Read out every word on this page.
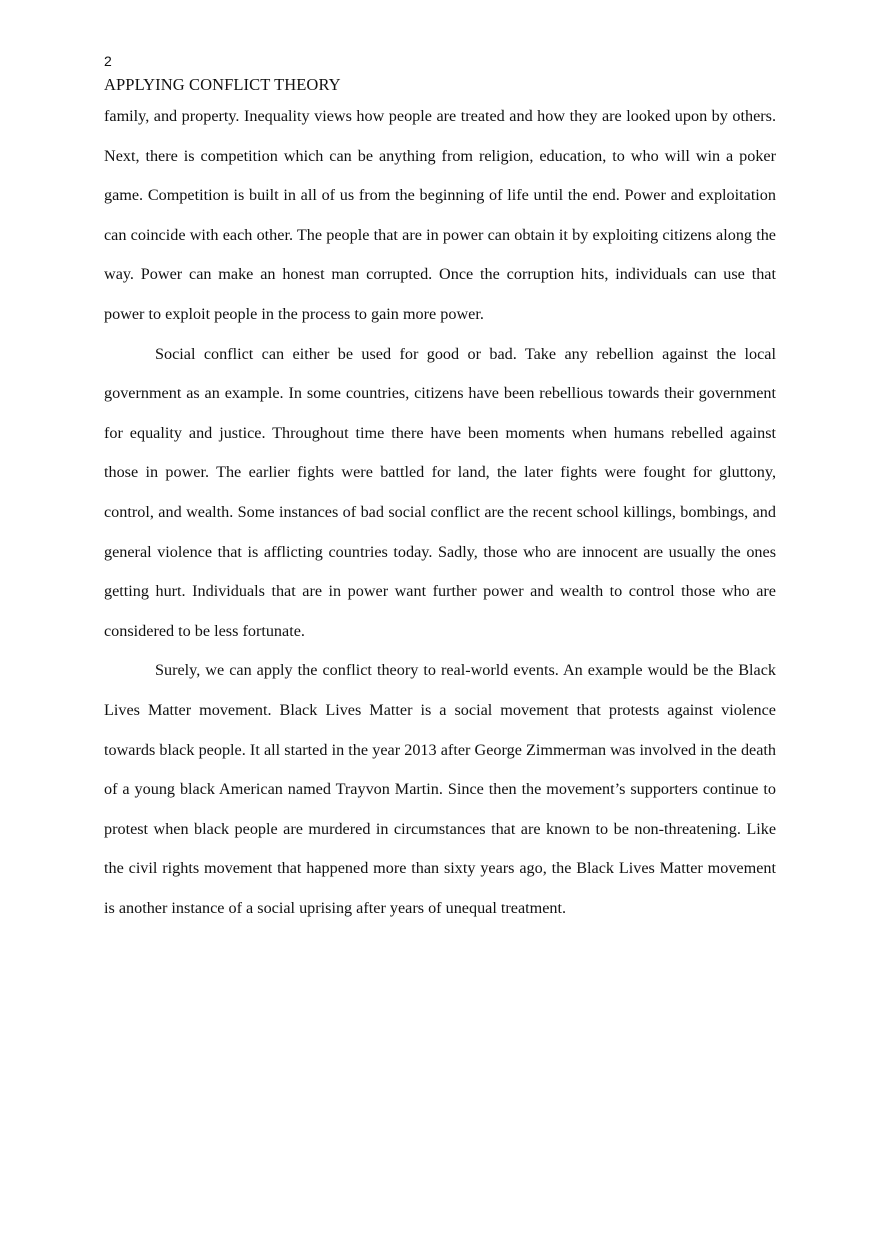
2
APPLYING CONFLICT THEORY

family, and property. Inequality views how people are treated and how they are looked upon by others. Next, there is competition which can be anything from religion, education, to who will win a poker game. Competition is built in all of us from the beginning of life until the end. Power and exploitation can coincide with each other. The people that are in power can obtain it by exploiting citizens along the way. Power can make an honest man corrupted. Once the corruption hits, individuals can use that power to exploit people in the process to gain more power.

Social conflict can either be used for good or bad. Take any rebellion against the local government as an example. In some countries, citizens have been rebellious towards their government for equality and justice. Throughout time there have been moments when humans rebelled against those in power. The earlier fights were battled for land, the later fights were fought for gluttony, control, and wealth. Some instances of bad social conflict are the recent school killings, bombings, and general violence that is afflicting countries today. Sadly, those who are innocent are usually the ones getting hurt. Individuals that are in power want further power and wealth to control those who are considered to be less fortunate.

Surely, we can apply the conflict theory to real-world events. An example would be the Black Lives Matter movement. Black Lives Matter is a social movement that protests against violence towards black people. It all started in the year 2013 after George Zimmerman was involved in the death of a young black American named Trayvon Martin. Since then the movement’s supporters continue to protest when black people are murdered in circumstances that are known to be non-threatening. Like the civil rights movement that happened more than sixty years ago, the Black Lives Matter movement is another instance of a social uprising after years of unequal treatment.
